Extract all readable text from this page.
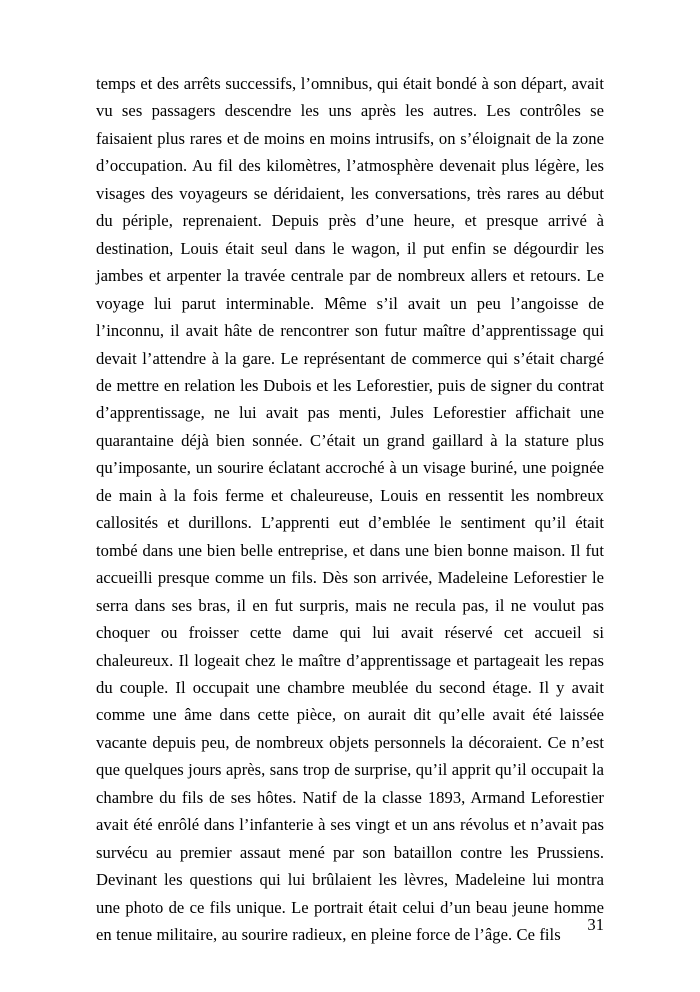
temps et des arrêts successifs, l’omnibus, qui était bondé à son départ, avait vu ses passagers descendre les uns après les autres. Les contrôles se faisaient plus rares et de moins en moins intrusifs, on s’éloignait de la zone d’occupation. Au fil des kilomètres, l’atmosphère devenait plus légère, les visages des voyageurs se déridaient, les conversations, très rares au début du périple, reprenaient. Depuis près d’une heure, et presque arrivé à destination, Louis était seul dans le wagon, il put enfin se dégourdir les jambes et arpenter la travée centrale par de nombreux allers et retours. Le voyage lui parut interminable. Même s’il avait un peu l’angoisse de l’inconnu, il avait hâte de rencontrer son futur maître d’apprentissage qui devait l’attendre à la gare. Le représentant de commerce qui s’était chargé de mettre en relation les Dubois et les Leforestier, puis de signer du contrat d’apprentissage, ne lui avait pas menti, Jules Leforestier affichait une quarantaine déjà bien sonnée. C’était un grand gaillard à la stature plus qu’imposante, un sourire éclatant accroché à un visage buriné, une poignée de main à la fois ferme et chaleureuse, Louis en ressentit les nombreux callosités et durillons. L’apprenti eut d’emblée le sentiment qu’il était tombé dans une bien belle entreprise, et dans une bien bonne maison. Il fut accueilli presque comme un fils. Dès son arrivée, Madeleine Leforestier le serra dans ses bras, il en fut surpris, mais ne recula pas, il ne voulut pas choquer ou froisser cette dame qui lui avait réservé cet accueil si chaleureux. Il logeait chez le maître d’apprentissage et partageait les repas du couple. Il occupait une chambre meublée du second étage. Il y avait comme une âme dans cette pièce, on aurait dit qu’elle avait été laissée vacante depuis peu, de nombreux objets personnels la décoraient. Ce n’est que quelques jours après, sans trop de surprise, qu’il apprit qu’il occupait la chambre du fils de ses hôtes. Natif de la classe 1893, Armand Leforestier avait été enrôlé dans l’infanterie à ses vingt et un ans révolus et n’avait pas survécu au premier assaut mené par son bataillon contre les Prussiens. Devinant les questions qui lui brûlaient les lèvres, Madeleine lui montra une photo de ce fils unique. Le portrait était celui d’un beau jeune homme en tenue militaire, au sourire radieux, en pleine force de l’âge. Ce fils

31
